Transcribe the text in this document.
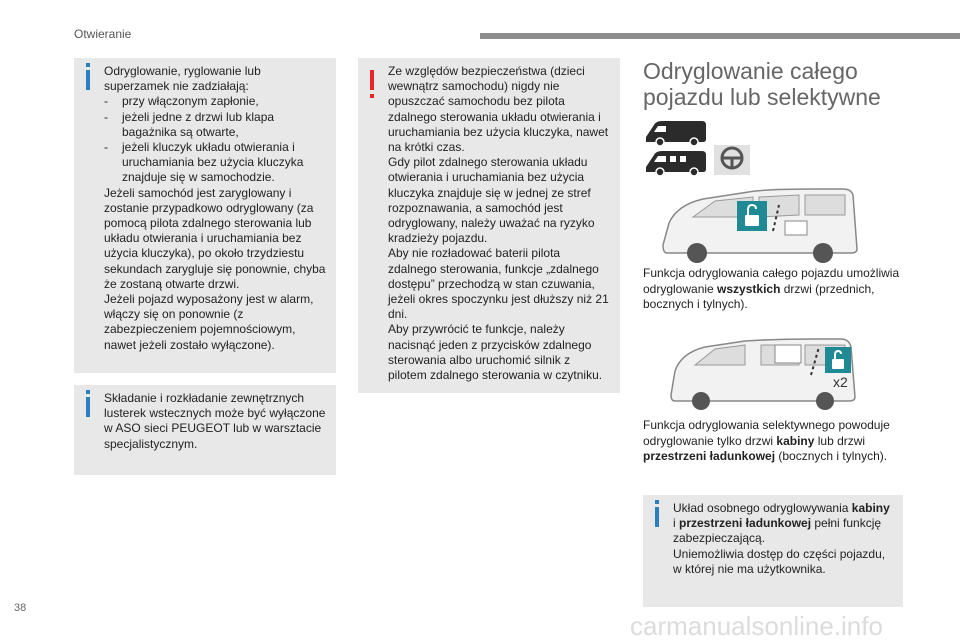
Otwieranie

Odryglowanie, ryglowanie lub superzamek nie zadziałają:

-	przy włączonym zapłonie,
-	jeżeli jedne z drzwi lub klapa bagażnika są otwarte,
-	jeżeli kluczyk układu otwierania i uruchamiania bez użycia kluczyka znajduje się w samochodzie.

Jeżeli samochód jest zaryglowany i zostanie przypadkowo odryglowany (za pomocą pilota zdalnego sterowania lub układu otwierania i uruchamiania bez użycia kluczyka), po około trzydziestu sekundach zarygluje się ponownie, chyba że zostaną otwarte drzwi.

Jeżeli pojazd wyposażony jest w alarm, włączy się on ponownie (z zabezpieczeniem pojemnościowym, nawet jeżeli zostało wyłączone).

Składanie i rozkładanie zewnętrznych lusterek wstecznych może być wyłączone w ASO sieci PEUGEOT lub w warsztacie specjalistycznym.

Ze względów bezpieczeństwa (dzieci wewnątrz samochodu) nigdy nie opuszczać samochodu bez pilota zdalnego sterowania układu otwierania i uruchamiania bez użycia kluczyka, nawet na krótki czas.

Gdy pilot zdalnego sterowania układu otwierania i uruchamiania bez użycia kluczyka znajduje się w jednej ze stref rozpoznawania, a samochód jest odryglowany, należy uważać na ryzyko kradzieży pojazdu.

Aby nie rozładować baterii pilota zdalnego sterowania, funkcje „zdalnego dostępu” przechodzą w stan czuwania, jeżeli okres spoczynku jest dłuższy niż 21 dni.

Aby przywrócić te funkcje, należy nacisnąć jeden z przycisków zdalnego sterowania albo uruchomić silnik z pilotem zdalnego sterowania w czytniku.

Odryglowanie całego
pojazdu lub selektywne
Funkcja odryglowania całego pojazdu umożliwia odryglowanie wszystkich drzwi (przednich, bocznych i tylnych).
x2
Funkcja odryglowania selektywnego powoduje odryglowanie tylko drzwi kabiny lub drzwi przestrzeni ładunkowej (bocznych i tylnych).

Układ osobnego odryglowywania kabiny i przestrzeni ładunkowej pełni funkcję zabezpieczającą.

Uniemożliwia dostęp do części pojazdu, w której nie ma użytkownika.

38
carmanualsonline.info
